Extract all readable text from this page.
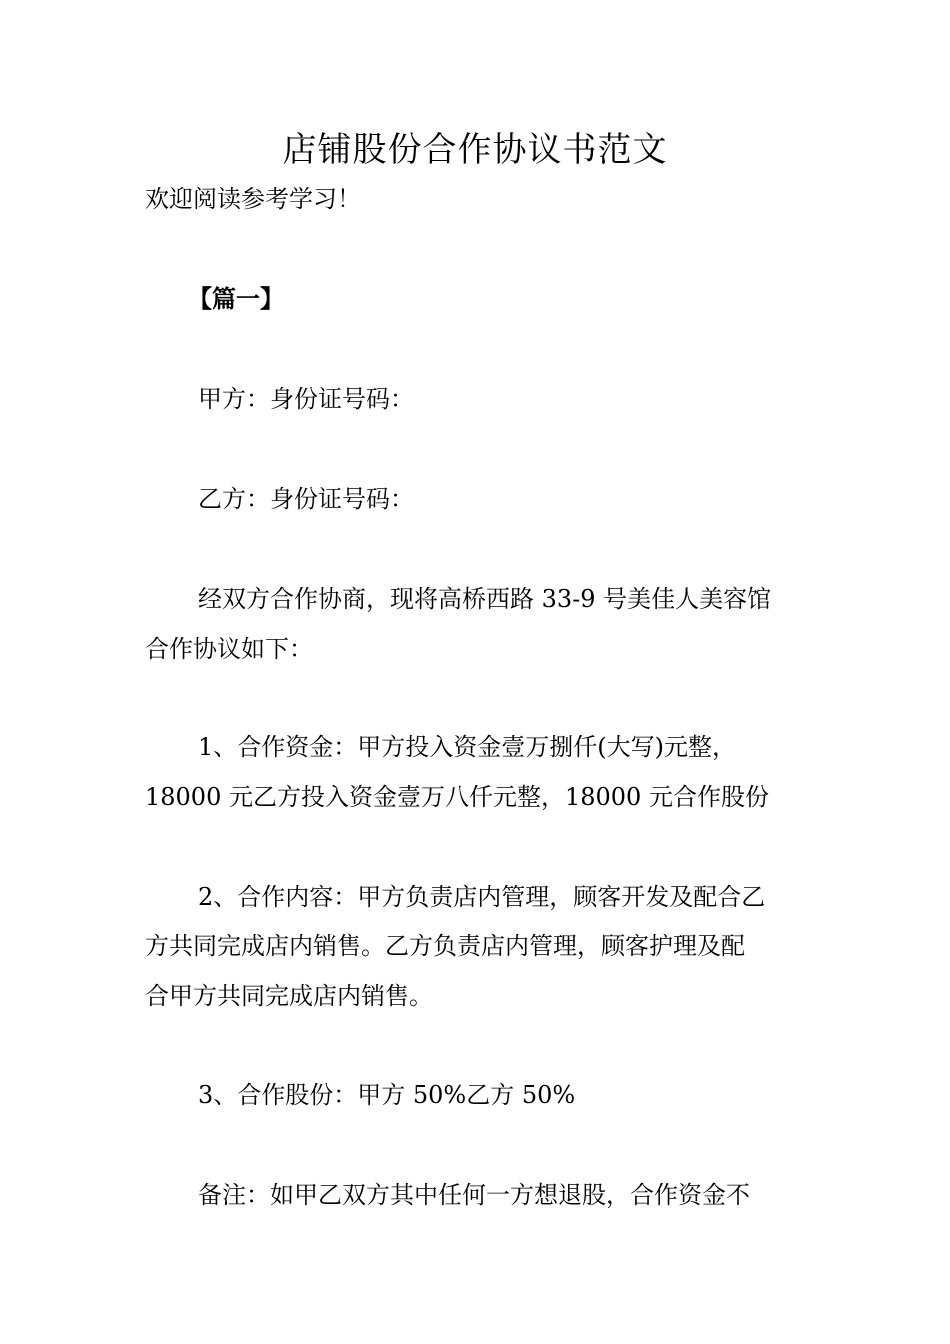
店铺股份合作协议书范文

欢迎阅读参考学习！

【篇一】

甲方：身份证号码：

乙方：身份证号码：

经双方合作协商，现将高桥西路 33-9 号美佳人美容馆

合作协议如下：

1、合作资金：甲方投入资金壹万捌仟(大写)元整，

18000 元乙方投入资金壹万八仟元整，18000 元合作股份

2、合作内容：甲方负责店内管理，顾客开发及配合乙

方共同完成店内销售。乙方负责店内管理，顾客护理及配

合甲方共同完成店内销售。

3、合作股份：甲方 50%乙方 50%

备注：如甲乙双方其中任何一方想退股，合作资金不
